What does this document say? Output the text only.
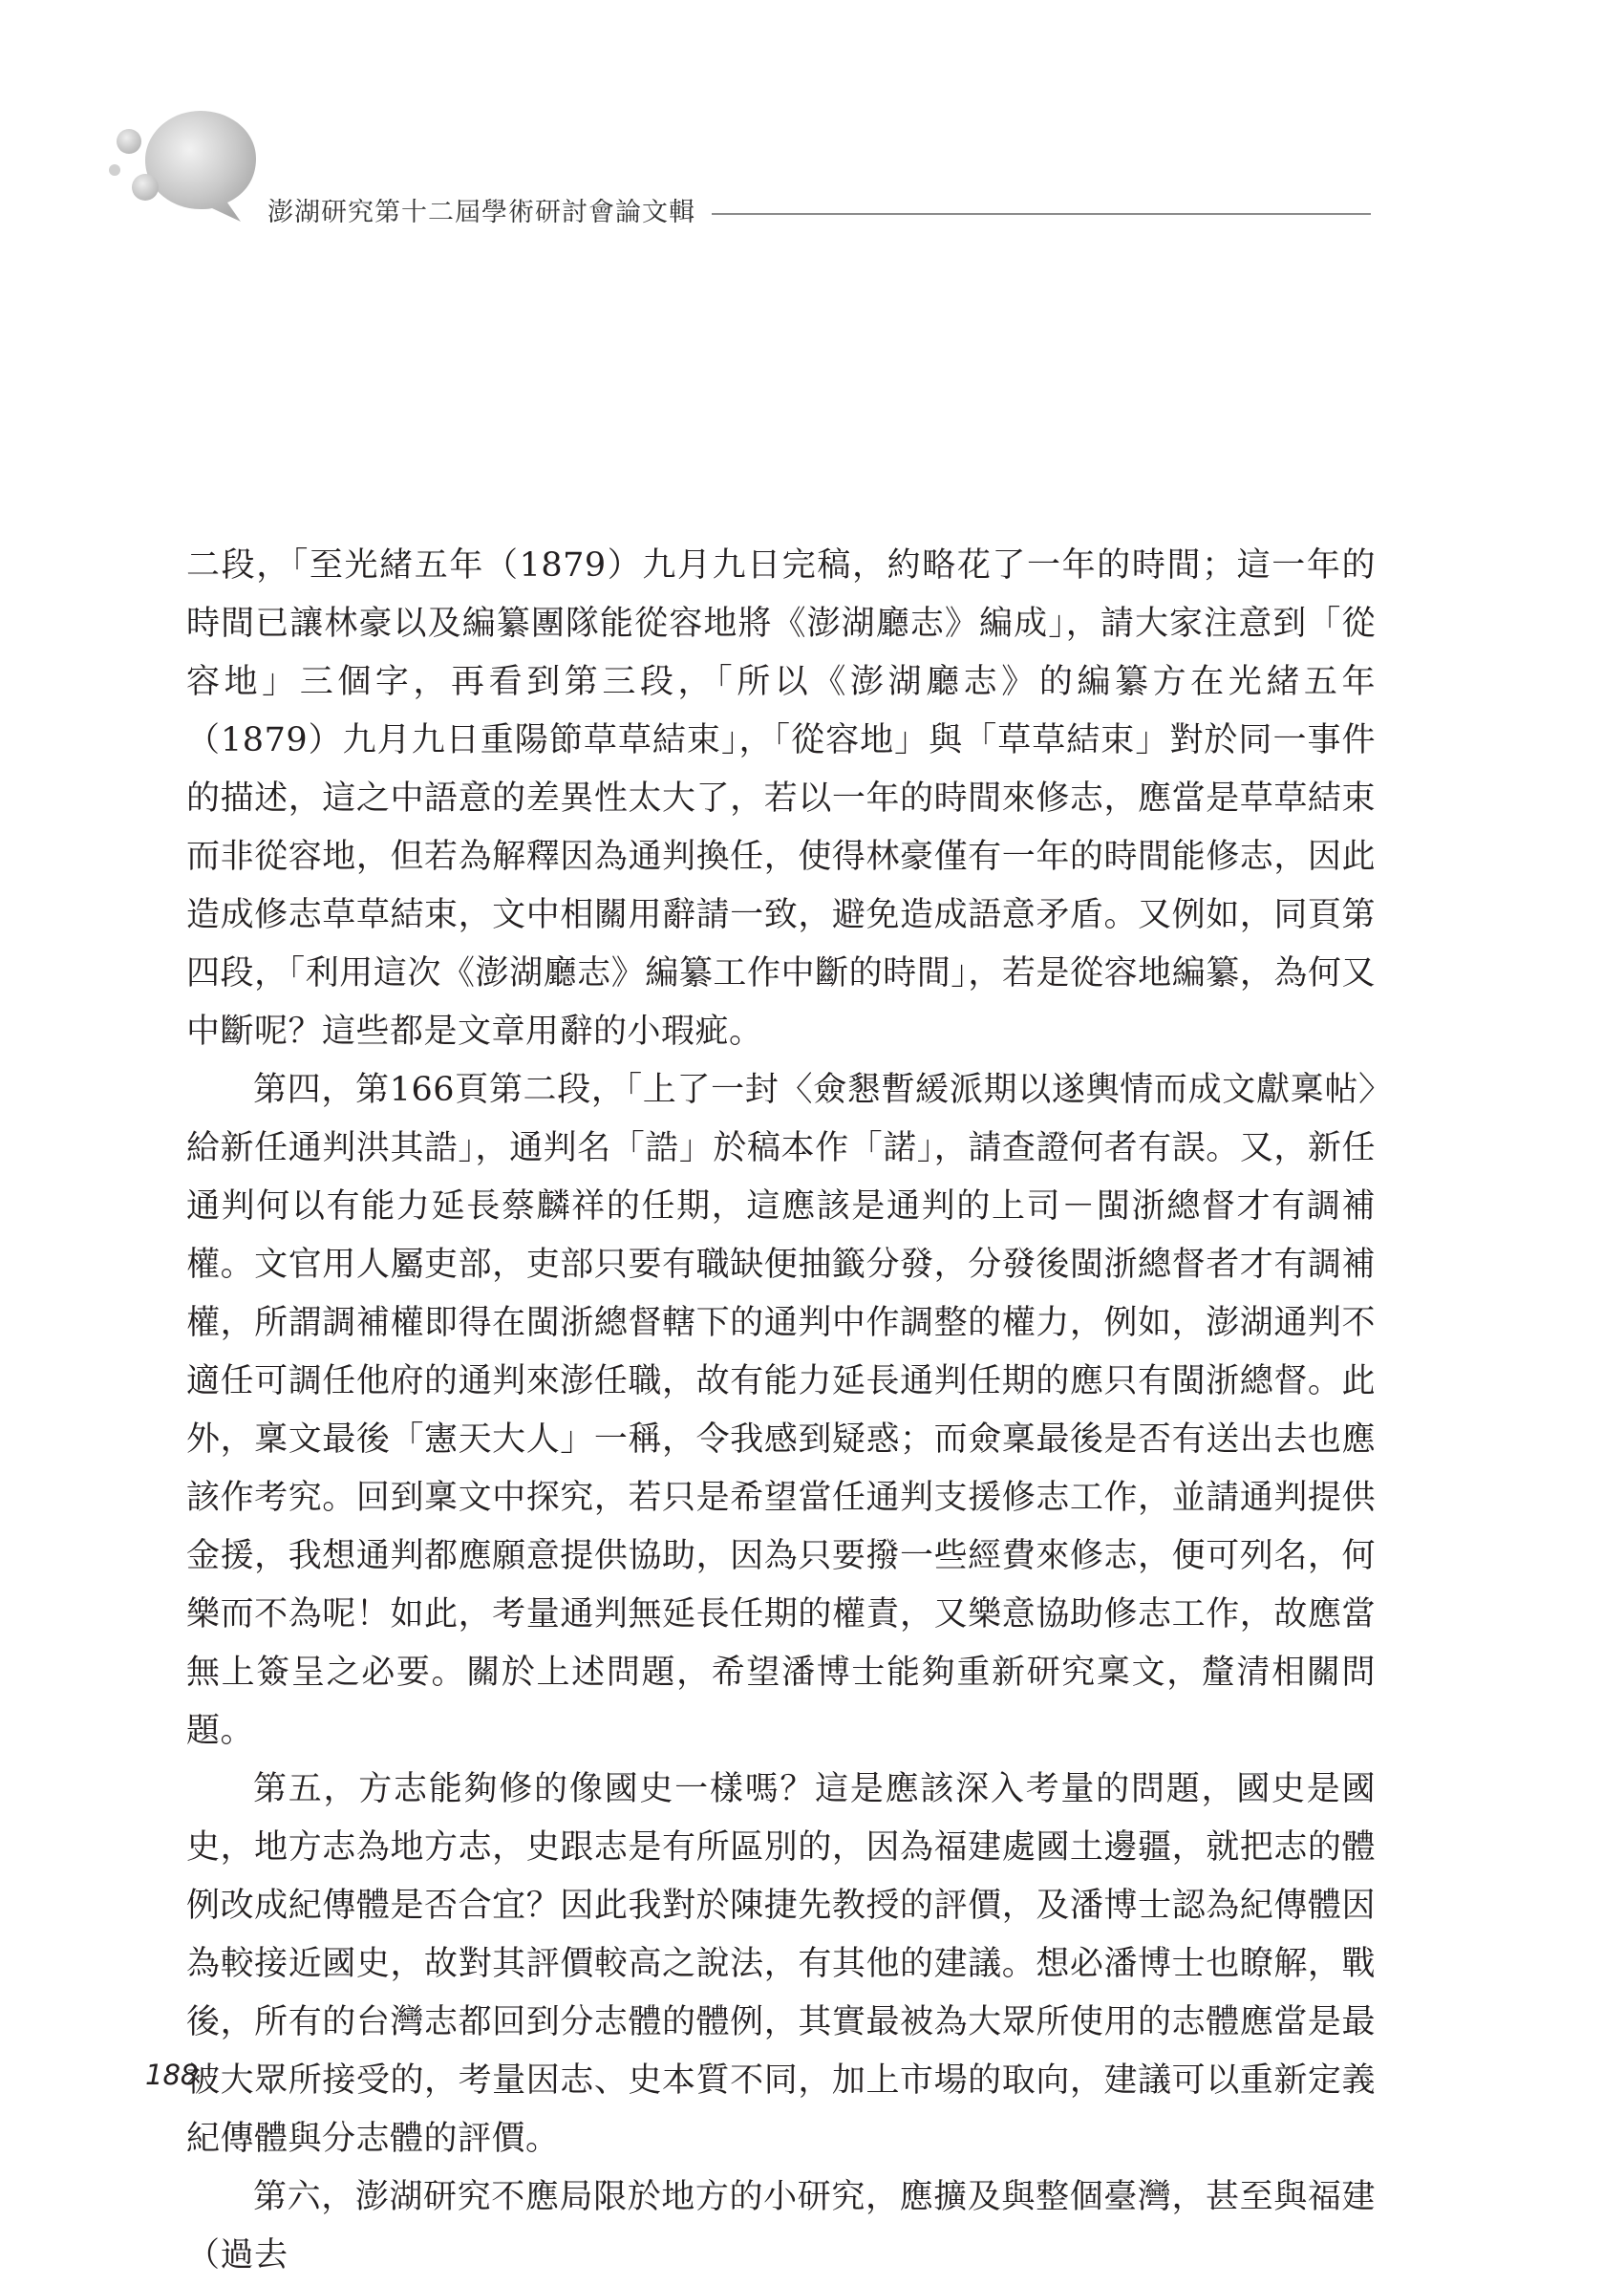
澎湖研究第十二屆學術研討會論文輯

二段，「至光緒五年（1879）九月九日完稿，約略花了一年的時間；這一年的時間已讓林豪以及編纂團隊能從容地將《澎湖廳志》編成」，請大家注意到「從容地」三個字，再看到第三段，「所以《澎湖廳志》的編纂方在光緒五年（1879）九月九日重陽節草草結束」，「從容地」與「草草結束」對於同一事件的描述，這之中語意的差異性太大了，若以一年的時間來修志，應當是草草結束而非從容地，但若為解釋因為通判換任，使得林豪僅有一年的時間能修志，因此造成修志草草結束，文中相關用辭請一致，避免造成語意矛盾。又例如，同頁第四段，「利用這次《澎湖廳志》編纂工作中斷的時間」，若是從容地編纂，為何又中斷呢？這些都是文章用辭的小瑕疵。

第四，第166頁第二段，「上了一封〈僉懇暫緩派期以遂輿情而成文獻稟帖〉給新任通判洪其誥」，通判名「誥」於稿本作「諾」，請查證何者有誤。又，新任通判何以有能力延長蔡麟祥的任期，這應該是通判的上司－閩浙總督才有調補權。文官用人屬吏部，吏部只要有職缺便抽籤分發，分發後閩浙總督者才有調補權，所謂調補權即得在閩浙總督轄下的通判中作調整的權力，例如，澎湖通判不適任可調任他府的通判來澎任職，故有能力延長通判任期的應只有閩浙總督。此外，稟文最後「憲天大人」一稱，令我感到疑惑；而僉稟最後是否有送出去也應該作考究。回到稟文中探究，若只是希望當任通判支援修志工作，並請通判提供金援，我想通判都應願意提供協助，因為只要撥一些經費來修志，便可列名，何樂而不為呢！如此，考量通判無延長任期的權責，又樂意協助修志工作，故應當無上簽呈之必要。關於上述問題，希望潘博士能夠重新研究稟文，釐清相關問題。

第五，方志能夠修的像國史一樣嗎？這是應該深入考量的問題，國史是國史，地方志為地方志，史跟志是有所區別的，因為福建處國土邊疆，就把志的體例改成紀傳體是否合宜？因此我對於陳捷先教授的評價，及潘博士認為紀傳體因為較接近國史，故對其評價較高之說法，有其他的建議。想必潘博士也瞭解，戰後，所有的台灣志都回到分志體的體例，其實最被為大眾所使用的志體應當是最被大眾所接受的，考量因志、史本質不同，加上市場的取向，建議可以重新定義紀傳體與分志體的評價。

第六，澎湖研究不應局限於地方的小研究，應擴及與整個臺灣，甚至與福建（過去

188
